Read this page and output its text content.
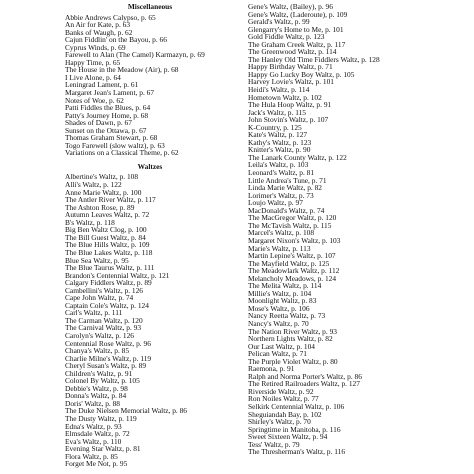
Miscellaneous
Abbie Andrews Calypso, p. 65
An Air for Kate, p. 63
Banks of Waugh, p. 62
Cajun Fiddlin' on the Bayou, p. 66
Cyprus Winds, p. 69
Farewell to Alan (The Camel) Karmazyn, p. 69
Happy Time, p. 65
The House in the Meadow (Air), p. 68
I Live Alone, p. 64
Leningrad Lament, p. 61
Margaret Jean's Lament, p. 67
Notes of Woe, p. 62
Patti Fiddles the Blues, p. 64
Patty's Journey Home, p. 68
Shades of Dawn, p. 67
Sunset on the Ottawa, p. 67
Thomas Graham Stewart, p. 68
Togo Farewell (slow waltz), p. 63
Variations on a Classical Theme, p. 62
Waltzes
Albertine's Waltz, p. 108
Alli's Waltz, p. 122
Anne Marie Waltz, p. 100
The Antler River Waltz, p. 117
The Ashton Rose, p. 89
Autumn Leaves Waltz, p. 72
B's Waltz, p. 118
Big Ben Waltz Clog, p. 100
The Bill Guest Waltz, p. 84
The Blue Hills Waltz, p. 109
The Blue Lakes Waltz, p. 118
Blue Sea Waltz, p. 95
The Blue Taurus Waltz, p. 111
Brandon's Centennial Waltz, p. 121
Calgary Fiddlers Waltz, p. 89
Cambellini's Waltz, p. 126
Cape John Waltz, p. 74
Captain Cole's Waltz, p. 124
Carl's Waltz, p. 111
The Carman Waltz, p. 120
The Carnival Waltz, p. 93
Carolyn's Waltz, p. 126
Centennial Rose Waltz, p. 96
Chanya's Waltz, p. 85
Charlie Milne's Waltz, p. 119
Cheryl Susan's Waltz, p. 89
Children's Waltz, p. 91
Colonel By Waltz, p. 105
Debbie's Waltz, p. 98
Donna's Waltz, p. 84
Doris' Waltz, p. 88
The Duke Nielsen Memorial Waltz, p. 86
The Dusty Waltz, p. 119
Edna's Waltz, p. 93
Elmsdale Waltz, p. 72
Eva's Waltz, p. 110
Evening Star Waltz, p. 81
Flora Waltz, p. 85
Forget Me Not, p. 95
Gene's Waltz, (Bailey), p. 96
Gene's Waltz, (Laderoute), p. 109
Gerald's Waltz, p. 99
Glengarry's Home to Me, p. 101
Gold Fiddle Waltz, p. 123
The Graham Creek Waltz, p. 117
The Greenwood Waltz, p. 114
The Hanley Old Time Fiddlers Waltz, p. 128
Happy Birthday Waltz, p. 71
Happy Go Lucky Boy Waltz, p. 105
Harvey Lovie's Waltz, p. 101
Heidi's Waltz, p. 114
Hometown Waltz, p. 102
The Hula Hoop Waltz, p. 91
Jack's Waltz, p. 115
John Stovin's Waltz, p. 107
K-Country, p. 125
Kate's Waltz, p. 127
Kathy's Waltz, p. 123
Knitter's Waltz, p. 90
The Lanark County Waltz, p. 122
Leila's Waltz, p. 103
Leonard's Waltz, p. 81
Little Andrea's Tune, p. 71
Linda Marie Waltz, p. 82
Lorimer's Waltz, p. 73
Loujo Waltz, p. 97
MacDonald's Waltz, p. 74
The MacGregor Waltz, p. 120
The McTavish Waltz, p. 115
Marcel's Waltz, p. 108
Margaret Nixon's Waltz, p. 103
Marie's Waltz, p. 113
Martin Lepine's Waltz, p. 107
The Mayfield Waltz, p. 125
The Meadowlark Waltz, p. 112
Melancholy Meadows, p. 124
The Melita Waltz, p. 114
Millie's Waltz, p. 104
Moonlight Waltz, p. 83
Mose's Waltz, p. 106
Nancy Reetta Waltz, p. 73
Nancy's Waltz, p. 70
The Nation River Waltz, p. 93
Northern Lights Waltz, p. 82
Our Last Waltz, p. 104
Pelican Waltz, p. 71
The Purple Violet Waltz, p. 80
Raemona, p. 91
Ralph and Norma Porter's Waltz, p. 86
The Retired Railroaders Waltz, p. 127
Riverside Waltz, p. 92
Ron Noiles Waltz, p. 77
Selkirk Centennial Waltz, p. 106
Sheguiandah Bay, p. 102
Shirley's Waltz, p. 70
Springtime in Manitoba, p. 116
Sweet Sixteen Waltz, p. 94
Tess' Waltz, p. 79
The Thresherman's Waltz, p. 116
